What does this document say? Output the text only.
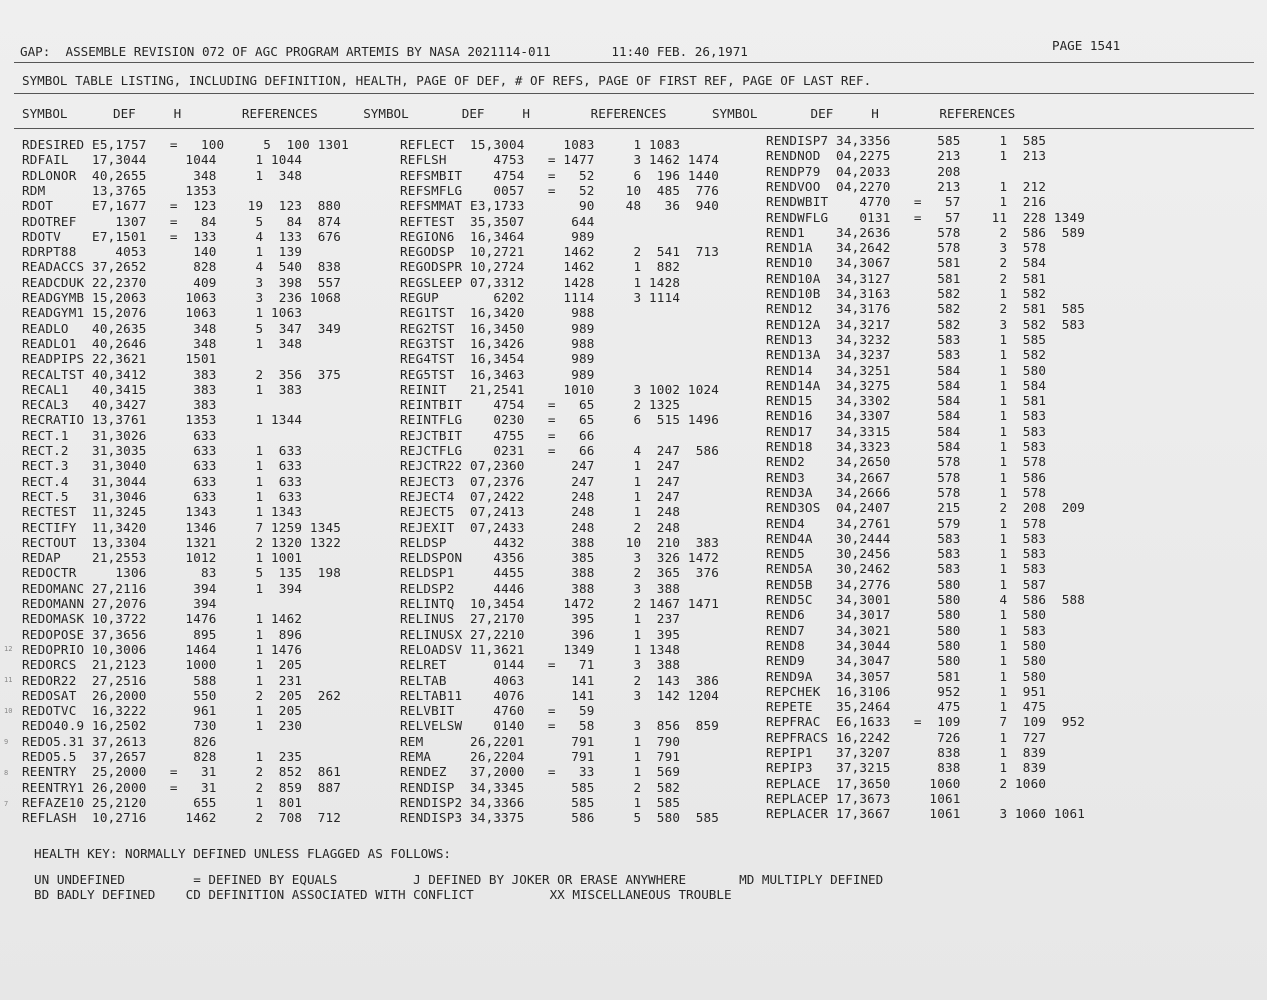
GAP:  ASSEMBLE REVISION 072 OF AGC PROGRAM ARTEMIS BY NASA 2021114-011        11:40 FEB. 26,1971	PAGE 1541
SYMBOL TABLE LISTING, INCLUDING DEFINITION, HEALTH, PAGE OF DEF, # OF REFS, PAGE OF FIRST REF, PAGE OF LAST REF.
SYMBOL      DEF     H        REFERENCES      SYMBOL       DEF     H        REFERENCES      SYMBOL       DEF     H        REFERENCES
RDESIRED E5,1757   =   100     5  100 1301
RDFAIL   17,3044     1044     1 1044
RDLONOR  40,2655      348     1  348
RDM      13,3765     1353
RDOT     E7,1677   =  123    19  123  880
RDOTREF     1307   =   84     5   84  874
RDOTV    E7,1501   =  133     4  133  676
RDRPT88     4053      140     1  139
READACCS 37,2652      828     4  540  838
READCDUK 22,2370      409     3  398  557
READGYMB 15,2063     1063     3  236 1068
READGYM1 15,2076     1063     1 1063
READLO   40,2635      348     5  347  349
READLO1  40,2646      348     1  348
READPIPS 22,3621     1501
RECALTST 40,3412      383     2  356  375
RECAL1   40,3415      383     1  383
RECAL3   40,3427      383
RECRATIO 13,3761     1353     1 1344
RECT.1   31,3026      633
RECT.2   31,3035      633     1  633
RECT.3   31,3040      633     1  633
RECT.4   31,3044      633     1  633
RECT.5   31,3046      633     1  633
RECTEST  11,3245     1343     1 1343
RECTIFY  11,3420     1346     7 1259 1345
RECTOUT  13,3304     1321     2 1320 1322
REDAP    21,2553     1012     1 1001
REDOCTR     1306       83     5  135  198
REDOMANC 27,2116      394     1  394
REDOMANN 27,2076      394
REDOMASK 10,3722     1476     1 1462
REDOPOSE 37,3656      895     1  896
REDOPRIO 10,3006     1464     1 1476
REDORCS  21,2123     1000     1  205
REDOR22  27,2516      588     1  231
REDOSAT  26,2000      550     2  205  262
REDOTVC  16,3222      961     1  205
REDO40.9 16,2502      730     1  230
REDO5.31 37,2613      826
REDO5.5  37,2657      828     1  235
REENTRY  25,2000   =   31     2  852  861
REENTRY1 26,2000   =   31     2  859  887
REFAZE10 25,2120      655     1  801
REFLASH  10,2716     1462     2  708  712
REFLECT  15,3004     1083     1 1083
REFLSH      4753   = 1477     3 1462 1474
REFSMBIT    4754   =   52     6  196 1440
REFSMFLG    0057   =   52    10  485  776
REFSMMAT E3,1733       90    48   36  940
REFTEST  35,3507      644
REGION6  16,3464      989
REGODSP  10,2721     1462     2  541  713
REGODSPR 10,2724     1462     1  882
REGSLEEP 07,3312     1428     1 1428
REGUP       6202     1114     3 1114
REG1TST  16,3420      988
REG2TST  16,3450      989
REG3TST  16,3426      988
REG4TST  16,3454      989
REG5TST  16,3463      989
REINIT   21,2541     1010     3 1002 1024
REINTBIT    4754   =   65     2 1325
REINTFLG    0230   =   65     6  515 1496
REJCTBIT    4755   =   66
REJCTFLG    0231   =   66     4  247  586
REJCTR22 07,2360      247     1  247
REJECT3  07,2376      247     1  247
REJECT4  07,2422      248     1  247
REJECT5  07,2413      248     1  248
REJEXIT  07,2433      248     2  248
RELDSP      4432      388    10  210  383
RELDSPON    4356      385     3  326 1472
RELDSP1     4455      388     2  365  376
RELDSP2     4446      388     3  388
RELINTQ  10,3454     1472     2 1467 1471
RELINUS  27,2170      395     1  237
RELINUSX 27,2210      396     1  395
RELOADSV 11,3621     1349     1 1348
RELRET      0144   =   71     3  388
RELTAB      4063      141     2  143  386
RELTAB11    4076      141     3  142 1204
RELVBIT     4760   =   59
RELVELSW    0140   =   58     3  856  859
REM      26,2201      791     1  790
REMA     26,2204      791     1  791
RENDEZ   37,2000   =   33     1  569
RENDISP  34,3345      585     2  582
RENDISP2 34,3366      585     1  585
RENDISP3 34,3375      586     5  580  585
RENDISP7 34,3356      585     1  585
RENDNOD  04,2275      213     1  213
RENDP79  04,2033      208
RENDVOO  04,2270      213     1  212
RENDWBIT    4770   =   57     1  216
RENDWFLG    0131   =   57    11  228 1349
REND1    34,2636      578     2  586  589
REND1A   34,2642      578     3  578
REND10   34,3067      581     2  584
REND10A  34,3127      581     2  581
REND10B  34,3163      582     1  582
REND12   34,3176      582     2  581  585
REND12A  34,3217      582     3  582  583
REND13   34,3232      583     1  585
REND13A  34,3237      583     1  582
REND14   34,3251      584     1  580
REND14A  34,3275      584     1  584
REND15   34,3302      584     1  581
REND16   34,3307      584     1  583
REND17   34,3315      584     1  583
REND18   34,3323      584     1  583
REND2    34,2650      578     1  578
REND3    34,2667      578     1  586
REND3A   34,2666      578     1  578
REND3OS  04,2407      215     2  208  209
REND4    34,2761      579     1  578
REND4A   30,2444      583     1  583
REND5    30,2456      583     1  583
REND5A   30,2462      583     1  583
REND5B   34,2776      580     1  587
REND5C   34,3001      580     4  586  588
REND6    34,3017      580     1  580
REND7    34,3021      580     1  583
REND8    34,3044      580     1  580
REND9    34,3047      580     1  580
REND9A   34,3057      581     1  580
REPCHEK  16,3106      952     1  951
REPETE   35,2464      475     1  475
REPFRAC  E6,1633   =  109     7  109  952
REPFRACS 16,2242      726     1  727
REPIP1   37,3207      838     1  839
REPIP3   37,3215      838     1  839
REPLACE  17,3650     1060     2 1060
REPLACEP 17,3673     1061
REPLACER 17,3667     1061     3 1060 1061
12
11
10
9
8
7
HEALTH KEY: NORMALLY DEFINED UNLESS FLAGGED AS FOLLOWS:
UN UNDEFINED         = DEFINED BY EQUALS          J DEFINED BY JOKER OR ERASE ANYWHERE       MD MULTIPLY DEFINED
BD BADLY DEFINED    CD DEFINITION ASSOCIATED WITH CONFLICT          XX MISCELLANEOUS TROUBLE
